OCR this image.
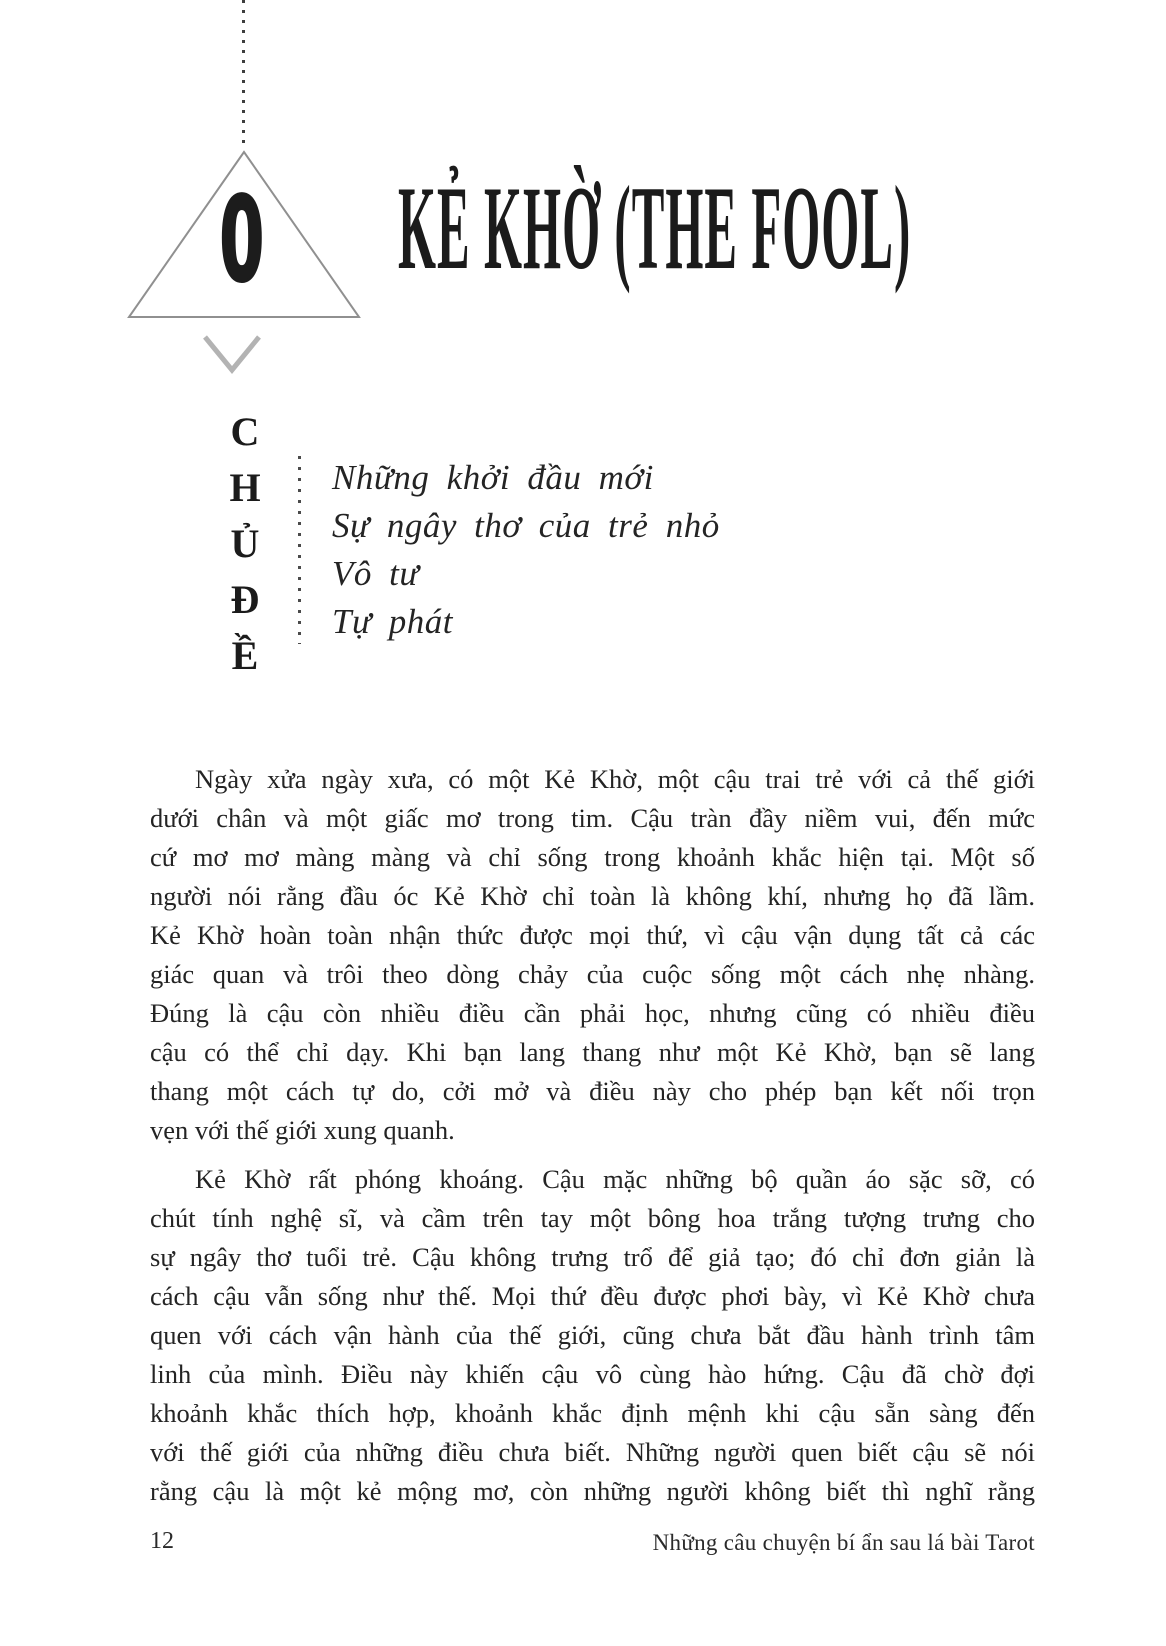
0 KẺ KHỜ (THE FOOL)
C
H
Ủ
Đ
Ề
Những khởi đầu mới
Sự ngây thơ của trẻ nhỏ
Vô tư
Tự phát
Ngày xửa ngày xưa, có một Kẻ Khờ, một cậu trai trẻ với cả thế giới
dưới chân và một giấc mơ trong tim. Cậu tràn đầy niềm vui, đến mức
cứ mơ mơ màng màng và chỉ sống trong khoảnh khắc hiện tại. Một số
người nói rằng đầu óc Kẻ Khờ chỉ toàn là không khí, nhưng họ đã lầm.
Kẻ Khờ hoàn toàn nhận thức được mọi thứ, vì cậu vận dụng tất cả các
giác quan và trôi theo dòng chảy của cuộc sống một cách nhẹ nhàng.
Đúng là cậu còn nhiều điều cần phải học, nhưng cũng có nhiều điều
cậu có thể chỉ dạy. Khi bạn lang thang như một Kẻ Khờ, bạn sẽ lang
thang một cách tự do, cởi mở và điều này cho phép bạn kết nối trọn
vẹn với thế giới xung quanh.
Kẻ Khờ rất phóng khoáng. Cậu mặc những bộ quần áo sặc sỡ, có
chút tính nghệ sĩ, và cầm trên tay một bông hoa trắng tượng trưng cho
sự ngây thơ tuổi trẻ. Cậu không trưng trổ để giả tạo; đó chỉ đơn giản là
cách cậu vẫn sống như thế. Mọi thứ đều được phơi bày, vì Kẻ Khờ chưa
quen với cách vận hành của thế giới, cũng chưa bắt đầu hành trình tâm
linh của mình. Điều này khiến cậu vô cùng hào hứng. Cậu đã chờ đợi
khoảnh khắc thích hợp, khoảnh khắc định mệnh khi cậu sẵn sàng đến
với thế giới của những điều chưa biết. Những người quen biết cậu sẽ nói
rằng cậu là một kẻ mộng mơ, còn những người không biết thì nghĩ rằng
12	Những câu chuyện bí ẩn sau lá bài Tarot
